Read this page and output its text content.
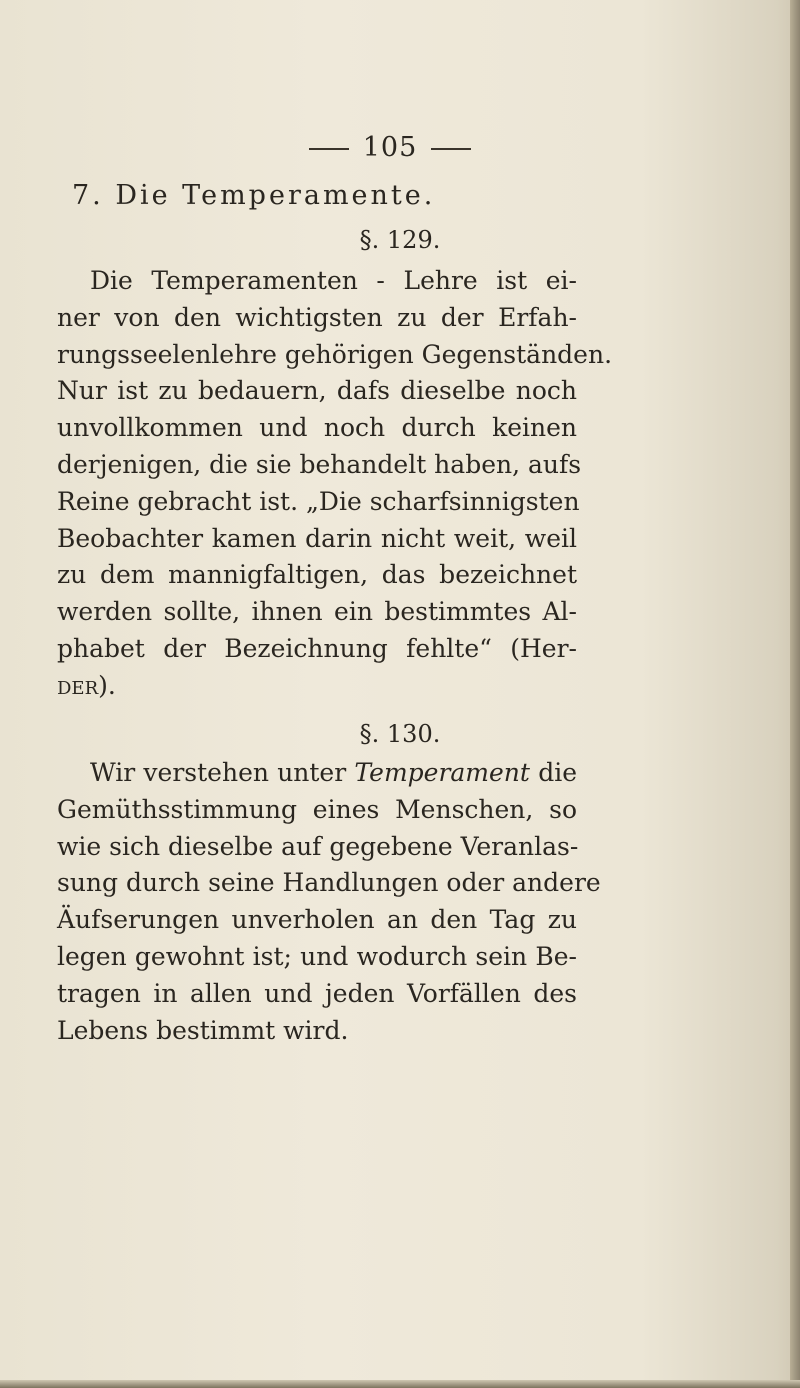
105
7. Die Temperamente.
§. 129.
Die Temperamenten - Lehre ist ei-
ner von den wichtigsten zu der Erfah-
rungsseelenlehre gehörigen Gegenständen.
Nur ist zu bedauern, dafs dieselbe noch
unvollkommen und noch durch keinen
derjenigen, die sie behandelt haben, aufs
Reine gebracht ist. „Die scharfsinnigsten
Beobachter kamen darin nicht weit, weil
zu dem mannigfaltigen, das bezeichnet
werden sollte, ihnen ein bestimmtes Al-
phabet der Bezeichnung fehlte“ (Her-
der).
§. 130.
Wir verstehen unter Temperament die
Gemüthsstimmung eines Menschen, so
wie sich dieselbe auf gegebene Veranlas-
sung durch seine Handlungen oder andere
Äufserungen unverholen an den Tag zu
legen gewohnt ist; und wodurch sein Be-
tragen in allen und jeden Vorfällen des
Lebens bestimmt wird.
